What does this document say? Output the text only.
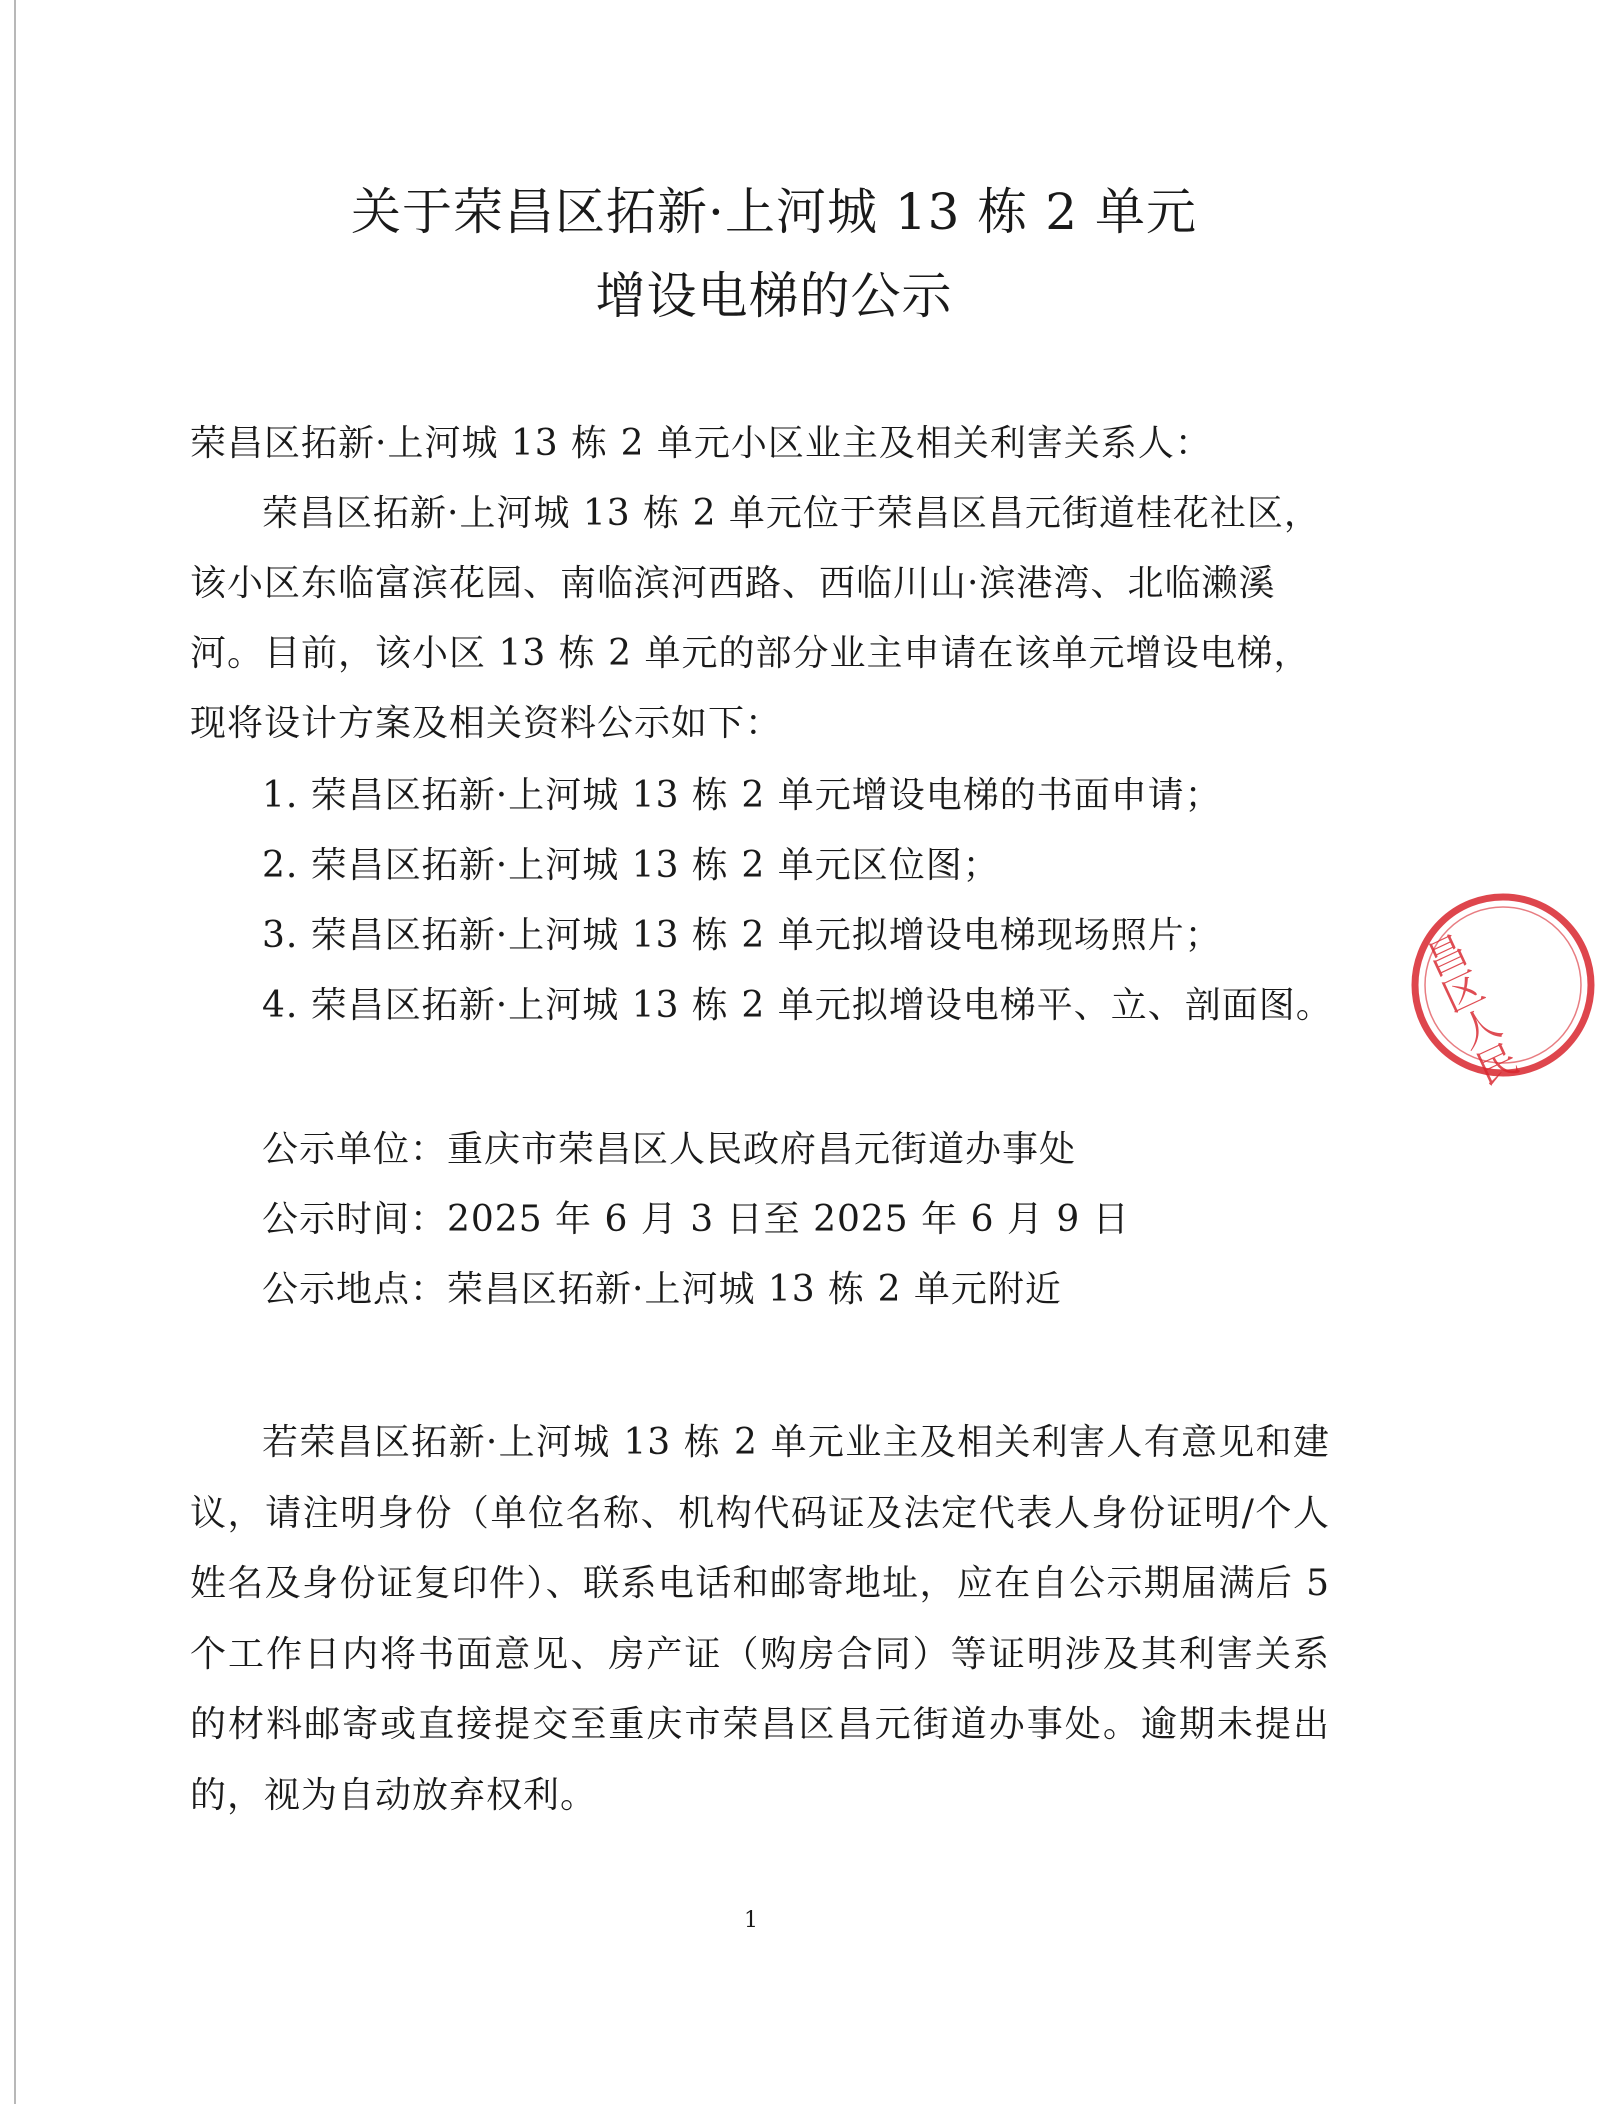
关于荣昌区拓新·上河城 13 栋 2 单元
增设电梯的公示
荣昌区拓新·上河城 13 栋 2 单元小区业主及相关利害关系人：
荣昌区拓新·上河城 13 栋 2 单元位于荣昌区昌元街道桂花社区，
该小区东临富滨花园、南临滨河西路、西临川山·滨港湾、北临濑溪
河。目前，该小区 13 栋 2 单元的部分业主申请在该单元增设电梯，
现将设计方案及相关资料公示如下：
1. 荣昌区拓新·上河城 13 栋 2 单元增设电梯的书面申请；
2. 荣昌区拓新·上河城 13 栋 2 单元区位图；
3. 荣昌区拓新·上河城 13 栋 2 单元拟增设电梯现场照片；
4. 荣昌区拓新·上河城 13 栋 2 单元拟增设电梯平、立、剖面图。
公示单位：重庆市荣昌区人民政府昌元街道办事处
公示时间：2025 年 6 月 3 日至 2025 年 6 月 9 日
公示地点：荣昌区拓新·上河城 13 栋 2 单元附近
若荣昌区拓新·上河城 13 栋 2 单元业主及相关利害人有意见和建议，请注明身份（单位名称、机构代码证及法定代表人身份证明/个人姓名及身份证复印件）、联系电话和邮寄地址，应在自公示期届满后 5 个工作日内将书面意见、房产证（购房合同）等证明涉及其利害关系的材料邮寄或直接提交至重庆市荣昌区昌元街道办事处。逾期未提出的，视为自动放弃权利。
1
昌区人民
